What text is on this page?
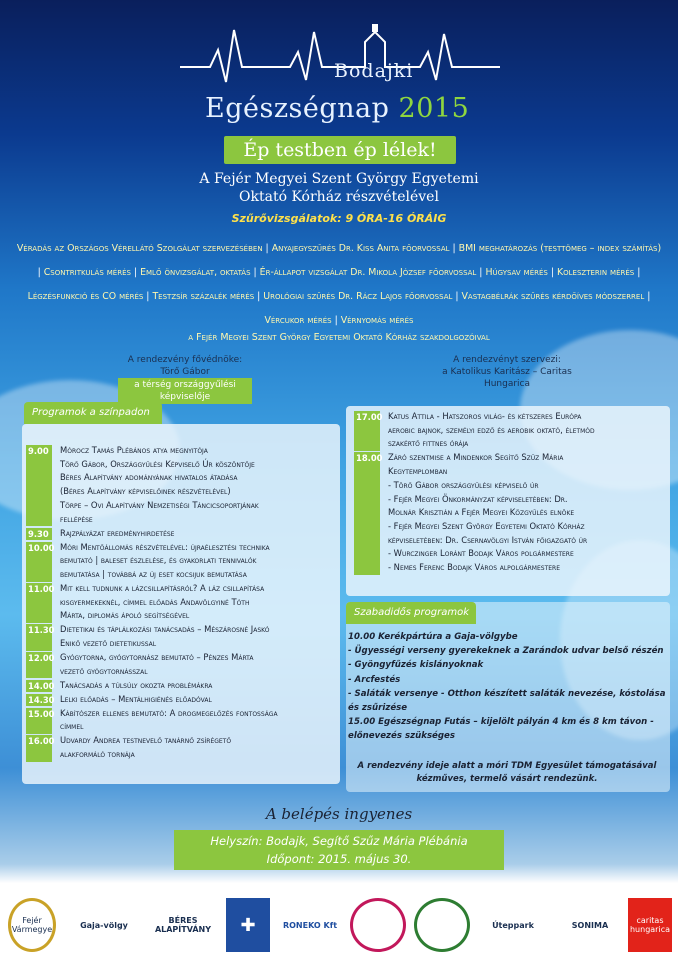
Bodajki
Egészségnap 2015
Ép testben ép lélek!
A Fejér Megyei Szent György Egyetemi
Oktató Kórház részvételével
Szűrővizsgálatok: 9 ÓRA-16 ÓRÁIG
Véradás az Országos Vérellátó Szolgálat szervezésében | Anyajegyszűrés Dr. Kiss Anita főorvossal | BMI meghatározás (testtömeg – index számítás) | Csontritkulás mérés | Emlő önvizsgálat, oktatás | Ér-állapot vizsgálat Dr. Mikola József főorvossal | Húgysav mérés | Koleszterin mérés | Légzésfunkció és CO mérés | Testzsír százalék mérés | Urológiai szűrés Dr. Rácz Lajos főorvossal | Vastagbélrák szűrés kérdőíves módszerrel | Vércukor mérés | Vérnyomás mérés
a Fejér Megyei Szent György Egyetemi Oktató Kórház szakdolgozóival
A rendezvény fővédnöke:
Törő Gábor
a térség országgyűlési képviselője
A rendezvényt szervezi:
a Katolikus Karitász – Caritas
Hungarica
Programok a színpadon
9.00 Mórocz Tamás Plébános atya megnyitója
Törő Gábor, Országgyűlési Képviselő Úr köszöntője
Béres Alapítvány adományának hivatalos átadása
(Béres Alapítvány képviselőinek részvételével)
Törpe – Ovi Alapítvány Nemzetiségi Táncicsoportjának
fellépése
9.30 Rajzpályázat eredményhirdetése
10.00 Móri Mentőállomás részvételével: újraélesztési technika
bemutató | baleset észlelése, és gyakorlati tennivalók
bemutatása | továbbá az új eset kocsijuk bemutatása
11.00 Mit kell tudnunk a lázcsillapításról? A láz csillapítása
kisgyermekeknél, címmel előadás Andavölgyiné Tóth
Márta, diplomás ápoló segítségével
11.30 Dietetikai és táplálkozási tanácsadás – Mészárosné Jaskó
Enikő vezető dietetikussal
12.00 Gyógytorna, gyógytornász bemutató – Pénzes Márta
vezető gyógytornásszal
14.00 Tanácsadás a túlsúly okozta problémákra
14.30 Lelki előadás – Mentálhigiénés előadóval
15.00 Kábítószer ellenes bemutató: A drogmegelőzés fontossága
címmel
16.00 Udvardy Andrea testnevelő tanárnő zsírégető
alakformáló tornája
17.00 Katus Attila - Hatszoros világ- és kétszeres Európa
aerobic bajnok, személyi edző és aerobik oktató, életmód
szakértő fittnes órája
18.00 Záró szentmise a Mindenkor Segítő Szűz Mária
Kegytemplomban
- Törő Gábor országgyűlési képviselő úr
- Fejér Megyei Önkormányzat képviseletében: Dr.
Molnár Krisztián a Fejér Megyei Közgyűlés elnöke
- Fejér Megyei Szent György Egyetemi Oktató Kórház
képviseletében: Dr. Csernavölgyi István főigazgató úr
- Wurczinger Loránt Bodajk Város polgármestere
- Nemes Ferenc Bodajk Város alpolgármestere
Szabadidős programok
10.00 Kerékpártúra a Gaja-völgybe
- Ügyességi verseny gyerekeknek a Zarándok udvar belső részén
- Gyöngyfűzés kislányoknak
- Arcfestés
- Saláták versenye - Otthon készített saláták nevezése, kóstolása
és zsűrizése
15.00 Egészségnap Futás – kijelölt pályán 4 km és 8 km távon -
előnevezés szükséges
A rendezvény ideje alatt a móri TDM Egyesület támogatásával
kézműves, termelő vásárt rendezünk.
A belépés ingyenes
Helyszín: Bodajk, Segítő Szűz Mária Plébánia
Időpont: 2015. május 30.
Fejér Vármegye	Gaja-völgy	BÉRES ALAPÍTVÁNY	✚	RONEKO Kft	Úteppark	SONIMA	caritas hungarica
